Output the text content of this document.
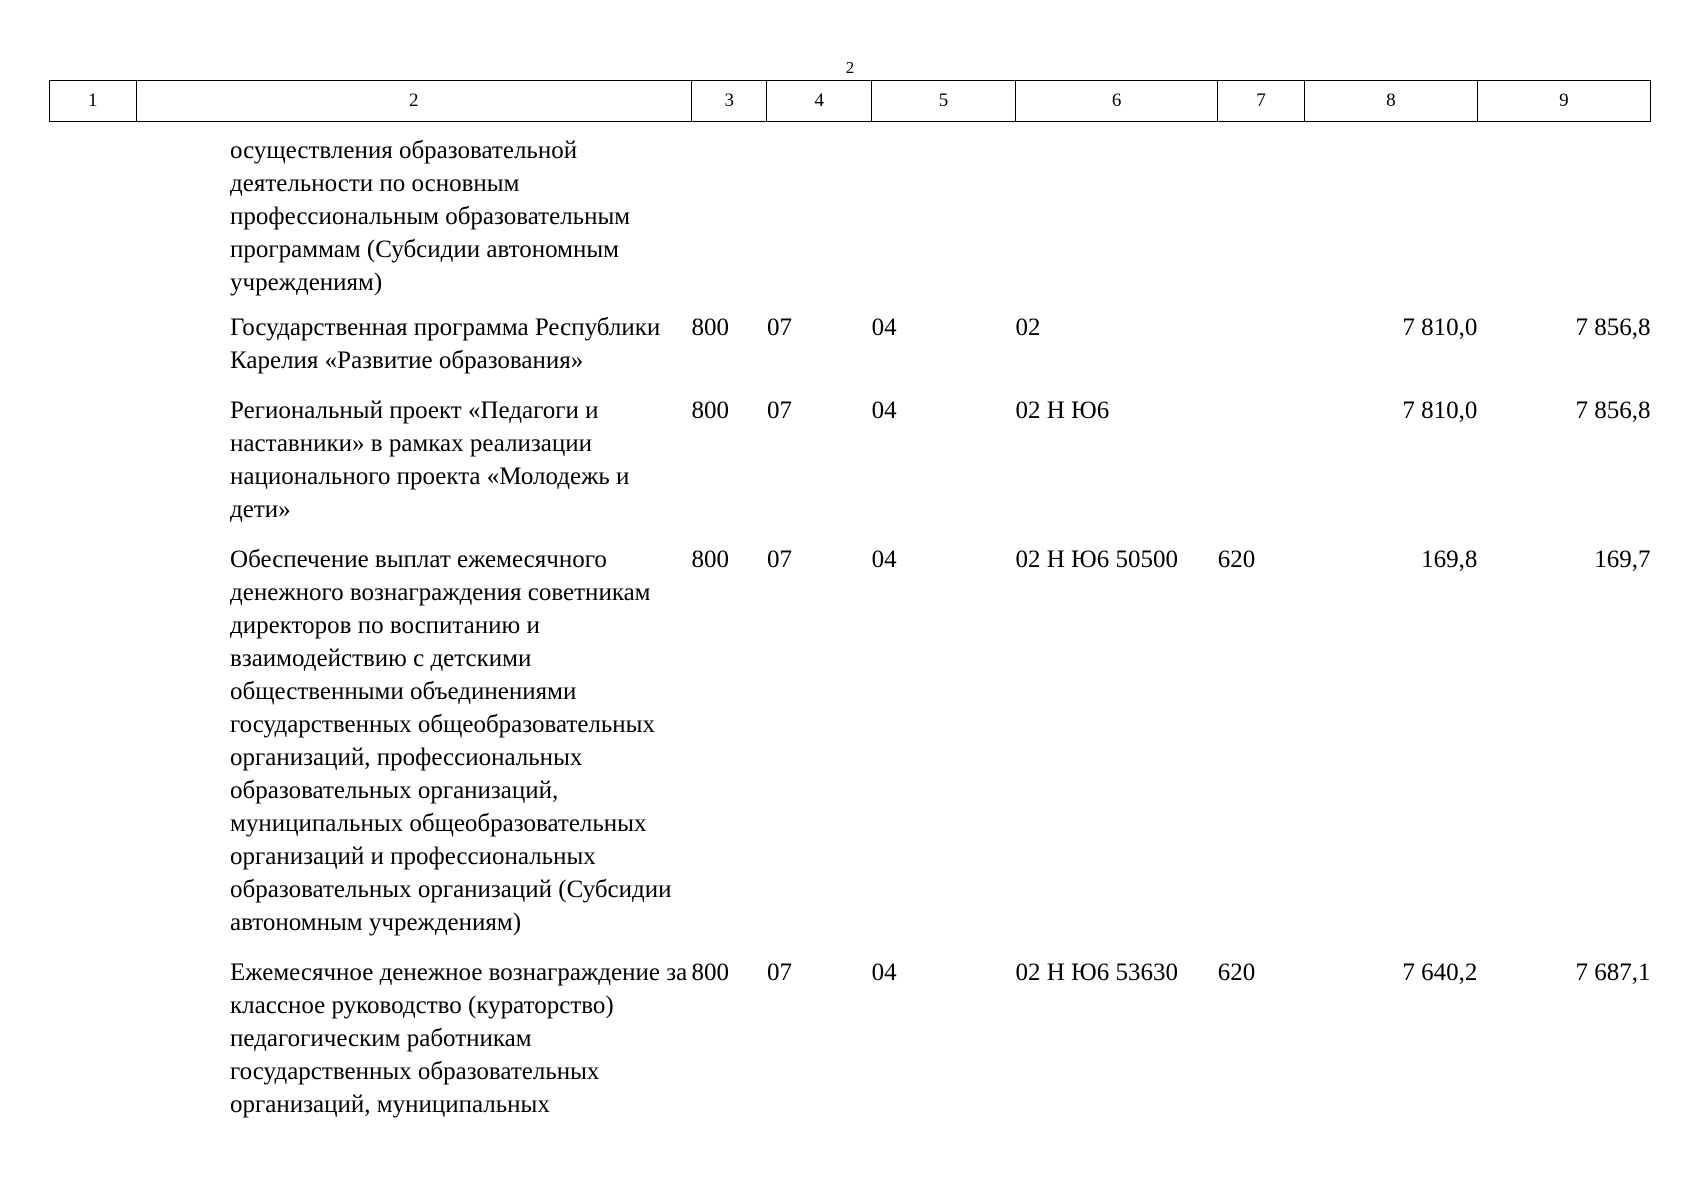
2
1	2	3	4	5	6	7	8	9
	осуществления образовательной деятельности по основным профессиональным образовательным программам (Субсидии автономным учреждениям)							
	Государственная программа Республики Карелия «Развитие образования»	800	07	04	02		7 810,0	7 856,8
	Региональный проект «Педагоги и наставники» в рамках реализации национального проекта «Молодежь и дети»	800	07	04	02 Н Ю6		7 810,0	7 856,8
	Обеспечение выплат ежемесячного денежного вознаграждения советникам директоров по воспитанию и взаимодействию с детскими общественными объединениями государственных общеобразовательных организаций, профессиональных образовательных организаций, муниципальных общеобразовательных организаций и профессиональных образовательных организаций (Субсидии автономным учреждениям)	800	07	04	02 Н Ю6 50500	620	169,8	169,7
	Ежемесячное денежное вознаграждение за классное руководство (кураторство) педагогическим работникам государственных образовательных организаций, муниципальных	800	07	04	02 Н Ю6 53630	620	7 640,2	7 687,1
